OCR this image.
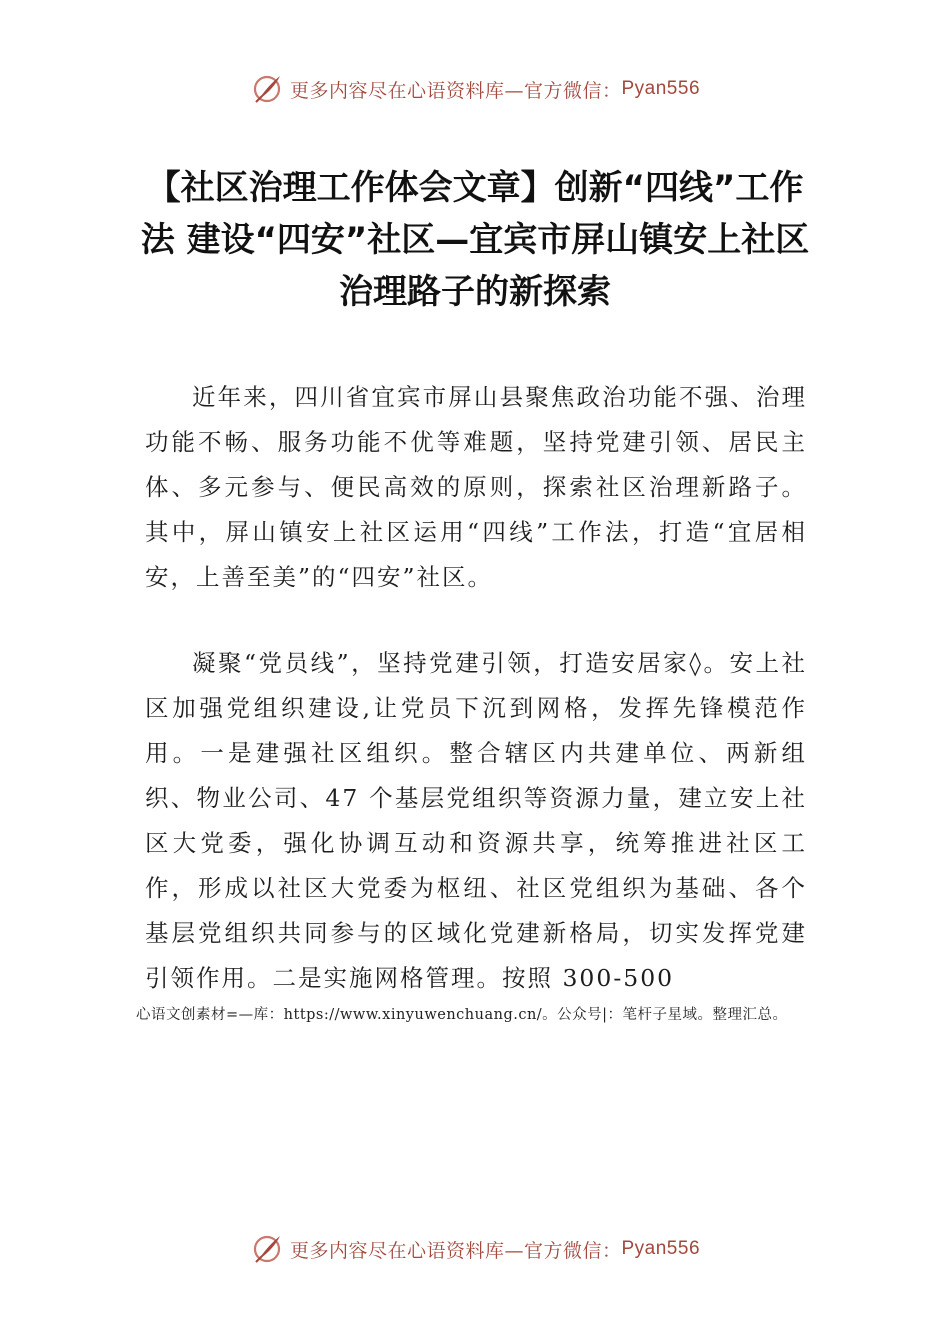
更多内容尽在心语资料库—官方微信： Pyan556
【社区治理工作体会文章】创新“四线”工作法 建设“四安”社区—宜宾市屏山镇安上社区治理路子的新探索

近年来，四川省宜宾市屏山县聚焦政治功能不强、治理功能不畅、服务功能不优等难题，坚持党建引领、居民主体、多元参与、便民高效的原则，探索社区治理新路子。其中，屏山镇安上社区运用“四线”工作法，打造“宜居相安，上善至美”的“四安”社区。

凝聚“党员线”，坚持党建引领，打造安居家◊。安上社区加强党组织建设,让党员下沉到网格，发挥先锋模范作用。一是建强社区组织。整合辖区内共建单位、两新组织、物业公司、47 个基层党组织等资源力量，建立安上社区大党委，强化协调互动和资源共享，统筹推进社区工作，形成以社区大党委为枢纽、社区党组织为基础、各个基层党组织共同参与的区域化党建新格局，切实发挥党建引领作用。二是实施网格管理。按照 300-500

心语文创素材=—库：https://www.xinyuwenchuang.cn/。公众号|：笔杆子星域。整理汇总。

更多内容尽在心语资料库—官方微信： Pyan556
